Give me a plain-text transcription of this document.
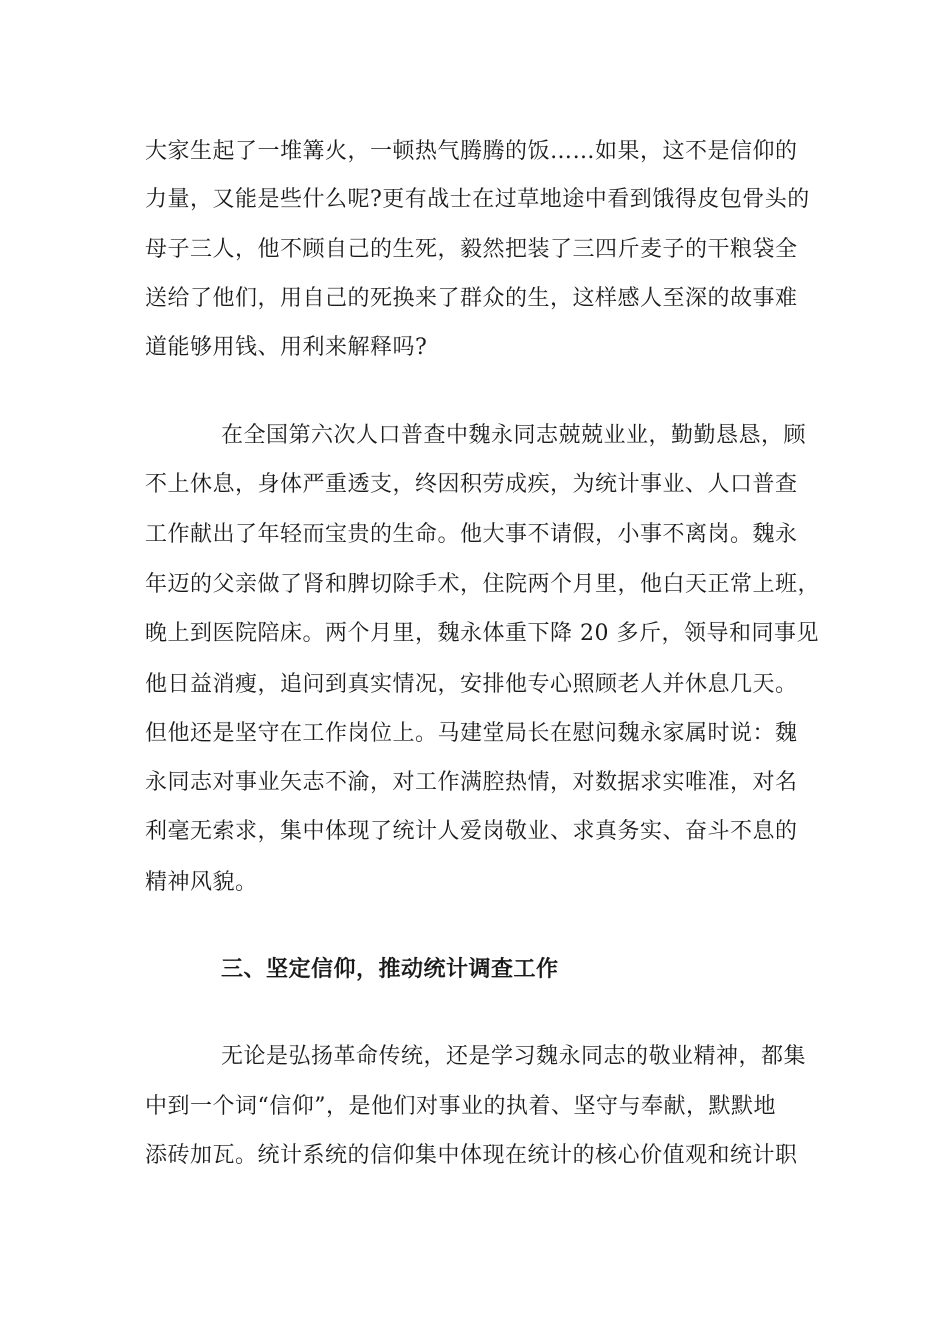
大家生起了一堆篝火，一顿热气腾腾的饭……如果，这不是信仰的
力量，又能是些什么呢?更有战士在过草地途中看到饿得皮包骨头的
母子三人，他不顾自己的生死，毅然把装了三四斤麦子的干粮袋全
送给了他们，用自己的死换来了群众的生，这样感人至深的故事难
道能够用钱、用利来解释吗?
在全国第六次人口普查中魏永同志兢兢业业，勤勤恳恳，顾
不上休息，身体严重透支，终因积劳成疾，为统计事业、人口普查
工作献出了年轻而宝贵的生命。他大事不请假，小事不离岗。魏永
年迈的父亲做了肾和脾切除手术，住院两个月里，他白天正常上班，
晚上到医院陪床。两个月里，魏永体重下降 20 多斤，领导和同事见
他日益消瘦，追问到真实情况，安排他专心照顾老人并休息几天。
但他还是坚守在工作岗位上。马建堂局长在慰问魏永家属时说：魏
永同志对事业矢志不渝，对工作满腔热情，对数据求实唯准，对名
利毫无索求，集中体现了统计人爱岗敬业、求真务实、奋斗不息的
精神风貌。
三、坚定信仰，推动统计调查工作
无论是弘扬革命传统，还是学习魏永同志的敬业精神，都集
中到一个词“信仰”，是他们对事业的执着、坚守与奉献，默默地
添砖加瓦。统计系统的信仰集中体现在统计的核心价值观和统计职
